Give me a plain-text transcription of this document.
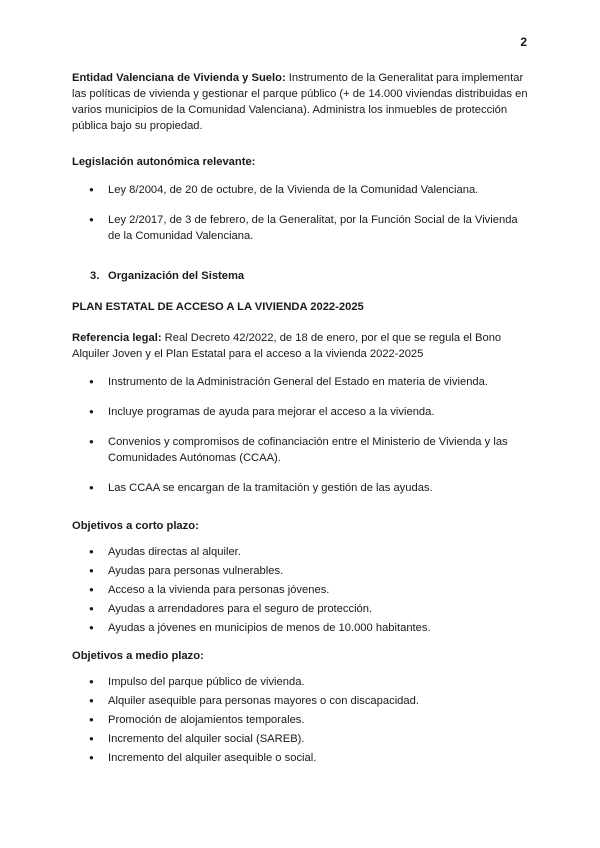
2

Entidad Valenciana de Vivienda y Suelo: Instrumento de la Generalitat para implementar las políticas de vivienda y gestionar el parque público (+ de 14.000 viviendas distribuidas en varios municipios de la Comunidad Valenciana). Administra los inmuebles de protección pública bajo su propiedad.

Legislación autonómica relevante:

● Ley 8/2004, de 20 de octubre, de la Vivienda de la Comunidad Valenciana.
● Ley 2/2017, de 3 de febrero, de la Generalitat, por la Función Social de la Vivienda de la Comunidad Valenciana.

3. Organización del Sistema

PLAN ESTATAL DE ACCESO A LA VIVIENDA 2022-2025

Referencia legal: Real Decreto 42/2022, de 18 de enero, por el que se regula el Bono Alquiler Joven y el Plan Estatal para el acceso a la vivienda 2022-2025

● Instrumento de la Administración General del Estado en materia de vivienda.
● Incluye programas de ayuda para mejorar el acceso a la vivienda.
● Convenios y compromisos de cofinanciación entre el Ministerio de Vivienda y las Comunidades Autónomas (CCAA).
● Las CCAA se encargan de la tramitación y gestión de las ayudas.

Objetivos a corto plazo:

● Ayudas directas al alquiler.
● Ayudas para personas vulnerables.
● Acceso a la vivienda para personas jóvenes.
● Ayudas a arrendadores para el seguro de protección.
● Ayudas a jóvenes en municipios de menos de 10.000 habitantes.

Objetivos a medio plazo:

● Impulso del parque público de vivienda.
● Alquiler asequible para personas mayores o con discapacidad.
● Promoción de alojamientos temporales.
● Incremento del alquiler social (SAREB).
● Incremento del alquiler asequible o social.
